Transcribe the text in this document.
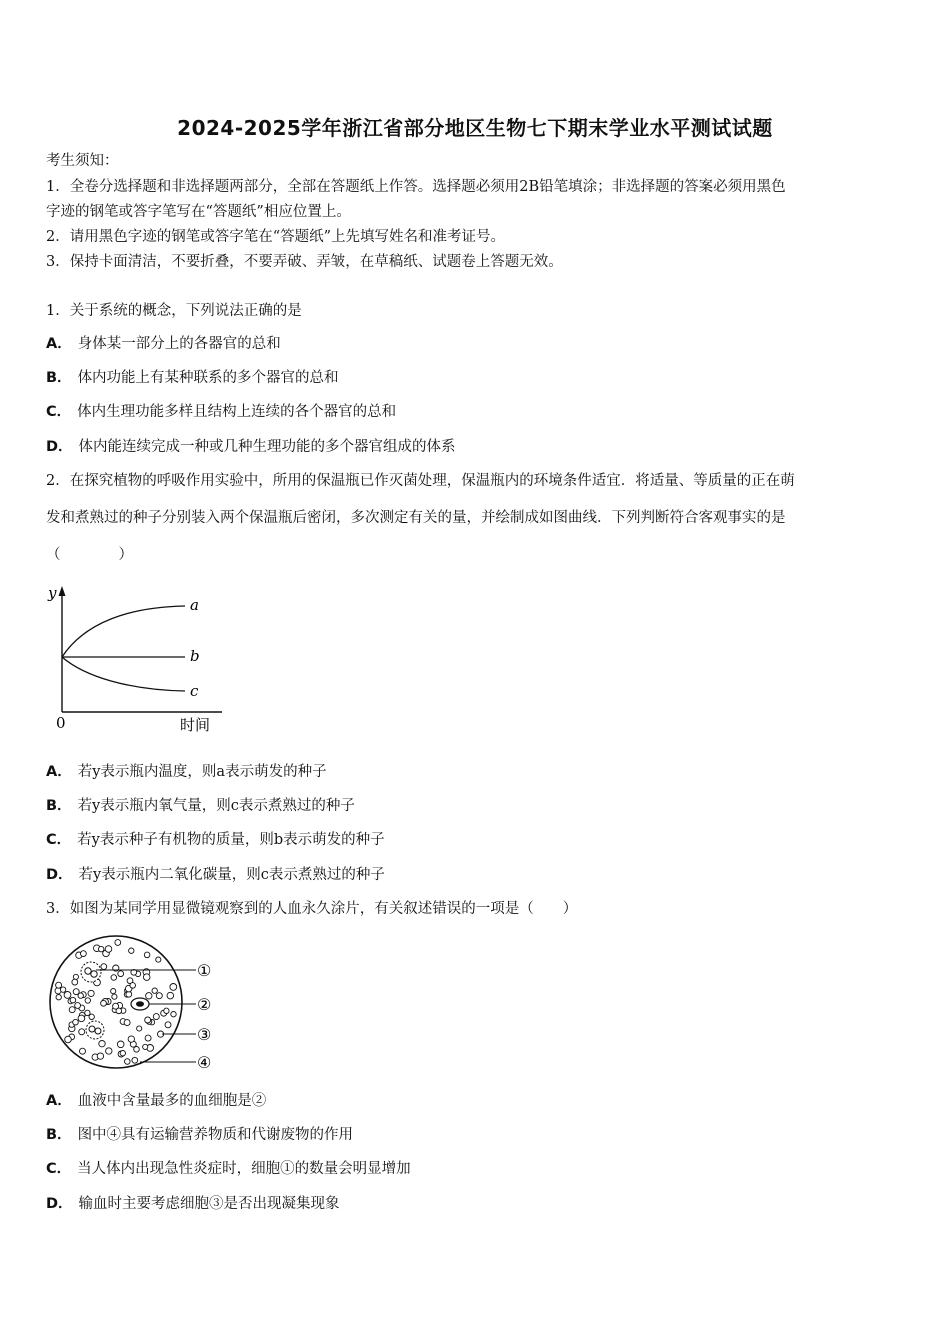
2024-2025学年浙江省部分地区生物七下期末学业水平测试试题
考生须知：
1．全卷分选择题和非选择题两部分，全部在答题纸上作答。选择题必须用2B铅笔填涂；非选择题的答案必须用黑色
字迹的钢笔或答字笔写在“答题纸”相应位置上。
2．请用黑色字迹的钢笔或答字笔在“答题纸”上先填写姓名和准考证号。
3．保持卡面清洁，不要折叠，不要弄破、弄皱，在草稿纸、试题卷上答题无效。
1．关于系统的概念，下列说法正确的是
A． 身体某一部分上的各器官的总和
B． 体内功能上有某种联系的多个器官的总和
C． 体内生理功能多样且结构上连续的各个器官的总和
D． 体内能连续完成一种或几种生理功能的多个器官组成的体系
2．在探究植物的呼吸作用实验中，所用的保温瓶已作灭菌处理，保温瓶内的环境条件适宜．将适量、等质量的正在萌
发和煮熟过的种子分别装入两个保温瓶后密闭，多次测定有关的量，并绘制成如图曲线．下列判断符合客观事实的是
（　　　　）
y
0	时间
a
b
c
A． 若y表示瓶内温度，则a表示萌发的种子
B． 若y表示瓶内氧气量，则c表示煮熟过的种子
C． 若y表示种子有机物的质量，则b表示萌发的种子
D． 若y表示瓶内二氧化碳量，则c表示煮熟过的种子
3．如图为某同学用显微镜观察到的人血永久涂片，有关叙述错误的一项是（　　）
①
②
③
④
A． 血液中含量最多的血细胞是②
B． 图中④具有运输营养物质和代谢废物的作用
C． 当人体内出现急性炎症时，细胞①的数量会明显增加
D． 输血时主要考虑细胞③是否出现凝集现象
